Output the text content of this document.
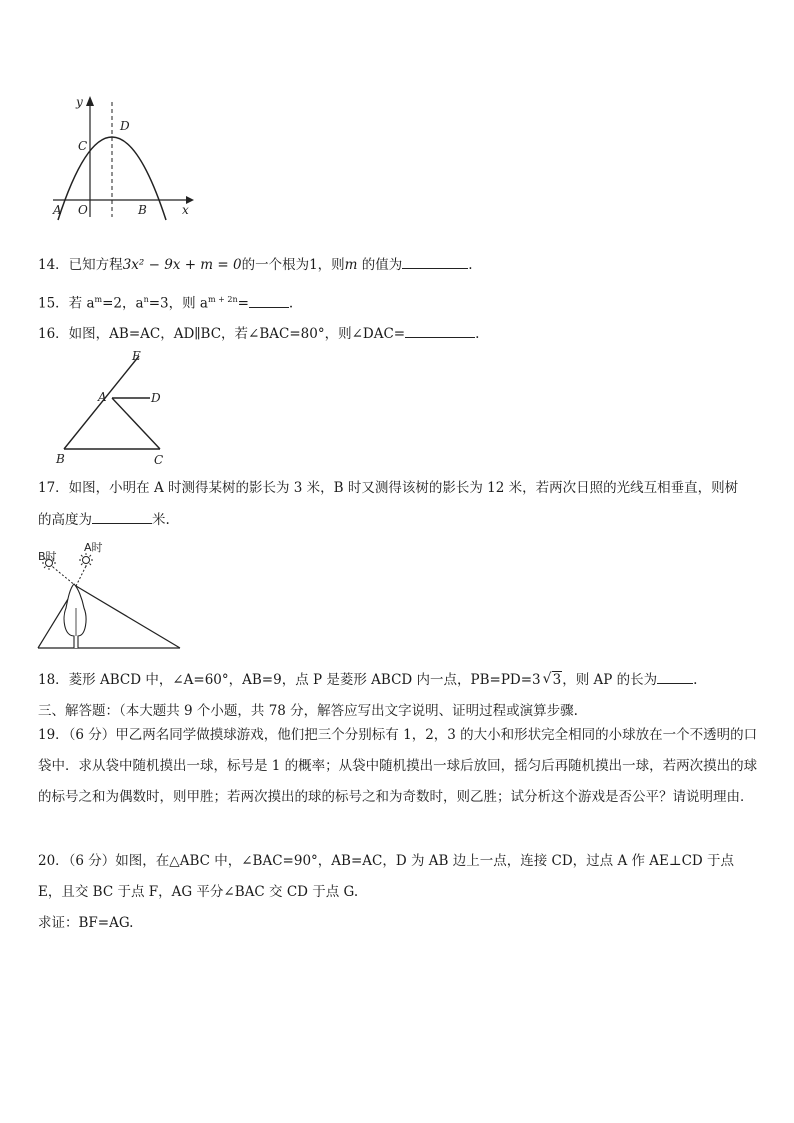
y
x
A O	B
C
D
14．已知方程3x² − 9x + m = 0的一个根为1，则m 的值为	.
15．若 $a^m=2$，$a^n=3$，则 $a^{m + 2n}=$	.
16．如图，AB=AC，AD∥BC，若∠BAC=80°，则∠DAC=	.
E
A	D
B	C
17．如图，小明在 A 时测得某树的影长为 3 米，B 时又测得该树的影长为 12 米，若两次日照的光线互相垂直，则树
的高度为	米.
B时
A时
18．菱形 ABCD 中，∠A=60°，AB=9，点 P 是菱形 ABCD 内一点，PB=PD=3 √ 3，则 AP 的长为	.
三、解答题：（本大题共 9 个小题，共 78 分，解答应写出文字说明、证明过程或演算步骤.
19．（6 分）甲乙两名同学做摸球游戏，他们把三个分别标有 1，2，3 的大小和形状完全相同的小球放在一个不透明的口袋中．求从袋中随机摸出一球，标号是 1 的概率；从袋中随机摸出一球后放回，摇匀后再随机摸出一球，若两次摸出的球的标号之和为偶数时，则甲胜；若两次摸出的球的标号之和为奇数时，则乙胜；试分析这个游戏是否公平？请说明理由．
20．（6 分）如图，在△ABC 中，∠BAC=90°，AB=AC，D 为 AB 边上一点，连接 CD，过点 A 作 AE⊥CD 于点 E，且交 BC 于点 F，AG 平分∠BAC 交 CD 于点 G.
求证：BF=AG.
